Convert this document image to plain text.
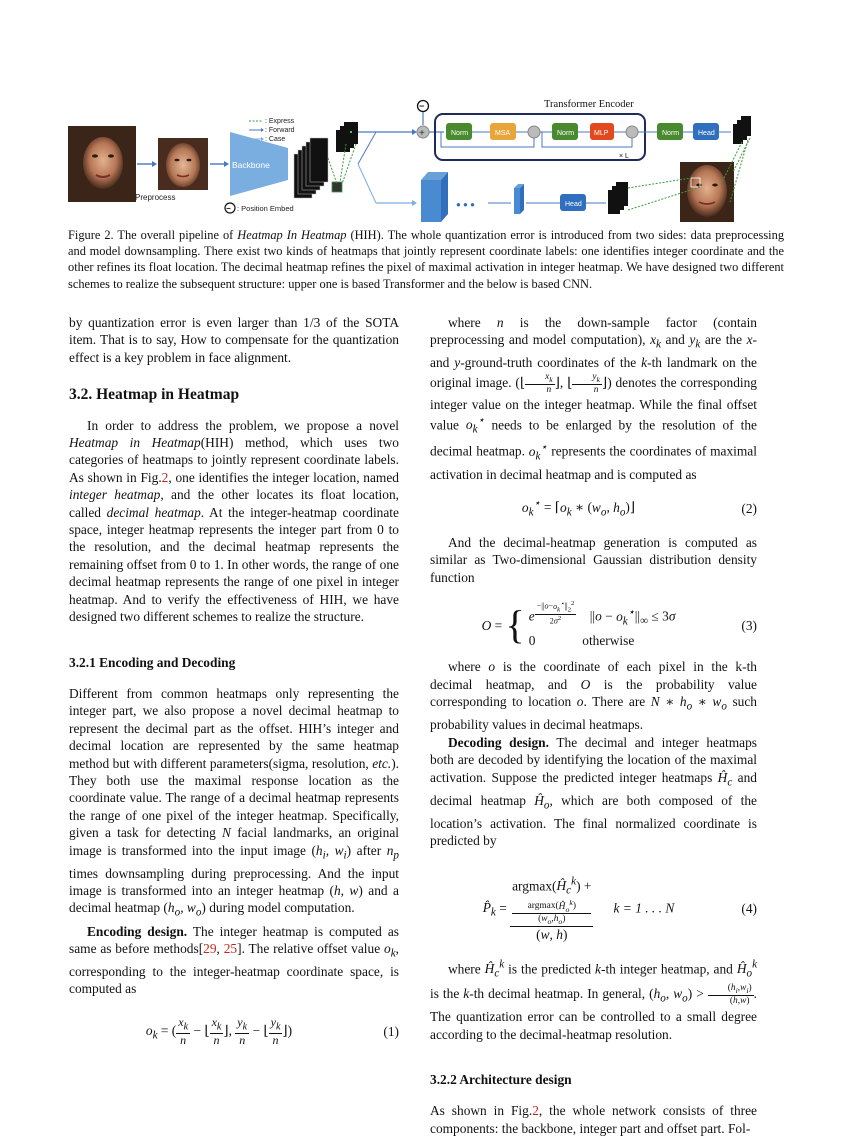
Preprocess
Backbone
: Express
: Forward
: Case
−
+
Transformer Encoder
Norm	MSA	Norm	MLP
× L
Norm	Head
● ● ●	Head
− : Position Embed
Figure 2. The overall pipeline of Heatmap In Heatmap (HIH). The whole quantization error is introduced from two sides: data preprocessing and model downsampling. There exist two kinds of heatmaps that jointly represent coordinate labels: one identifies integer coordinate and the other refines its float location. The decimal heatmap refines the pixel of maximal activation in integer heatmap. We have designed two different schemes to realize the subsequent structure: upper one is based Transformer and the below is based CNN.

by quantization error is even larger than 1/3 of the SOTA item. That is to say, How to compensate for the quantization effect is a key problem in face alignment.

3.2. Heatmap in Heatmap

In order to address the problem, we propose a novel Heatmap in Heatmap(HIH) method, which uses two categories of heatmaps to jointly represent coordinate labels. As shown in Fig.2, one identifies the integer location, named integer heatmap, and the other locates its float location, called decimal heatmap. At the integer-heatmap coordinate space, integer heatmap represents the integer part from 0 to the resolution, and the decimal heatmap represents the remaining offset from 0 to 1. In other words, the range of one decimal heatmap represents the range of one pixel in integer heatmap. And to verify the effectiveness of HIH, we have designed two different schemes to realize the structure.

3.2.1 Encoding and Decoding

Different from common heatmaps only representing the integer part, we also propose a novel decimal heatmap to represent the decimal part as the offset. HIH’s integer and decimal location are represented by the same heatmap method but with different parameters(sigma, resolution, etc.). They both use the maximal response location as the coordinate value. The range of a decimal heatmap represents the range of one pixel of the integer heatmap. Specifically, given a task for detecting N facial landmarks, an original image is transformed into the input image ($h_i$, $w_i$) after $n_p$ times downsampling during preprocessing. And the input image is transformed into an integer heatmap (h, w) and a decimal heatmap ($h_o$, $w_o$) during model computation.

Encoding design. The integer heatmap is computed as same as before methods[29, 25]. The relative offset value $o_k$, corresponding to the integer-heatmap coordinate space, is computed as

$o_k$ = ( $\frac{x_k}{n}$ − ⌊ $\frac{x_k}{n}$ ⌋, $\frac{y_k}{n}$ − ⌊ $\frac{y_k}{n}$ ⌋)	(1)

where n is the down-sample factor (contain preprocessing and model computation), $x_k$ and $y_k$ are the x- and y-ground-truth coordinates of the k-th landmark on the original image. (⌊ $\frac{x_k}{n}$ ⌋, ⌊ $\frac{y_k}{n}$ ⌋) denotes the corresponding integer value on the integer heatmap. While the final offset value $o_k^⋆$ needs to be enlarged by the resolution of the decimal heatmap. $o_k^⋆$ represents the coordinates of maximal activation in decimal heatmap and is computed as

$o_k^⋆$ = $⌈o_k$ ∗ ($w_o$, $h_o)⌋$	(2)

And the decimal-heatmap generation is computed as similar as Two-dimensional Gaussian distribution density function

O = { e $^{\frac{-||o-o_k^⋆||_2^2}{2\sigma^2}}$ $||o - o_k^⋆||_\infty \le 3\sigma$
0              otherwise
(3)

where o is the coordinate of each pixel in the k-th decimal heatmap, and O is the probability value corresponding to location o. There are N ∗ $h_o$ ∗ $w_o$ such probability values in decimal heatmaps.

Decoding design. The decimal and integer heatmaps both are decoded by identifying the location of the maximal activation. Suppose the predicted integer heatmaps $Ĥ_c$ and decimal heatmap $Ĥ_o$, which are both composed of the location’s activation. The final normalized coordinate is predicted by

$P̂_k$ = $argmax(Ĥ_c^k)$ +
$argmax(Ĥ_o^k)$
$(w_o,h_o)$
(w, h) k = 1 . . . N	(4)

where $Ĥ_c^k$ is the predicted k-th integer heatmap, and $Ĥ_o^k$ is the k-th decimal heatmap. In general, ($h_o$, $w_o) > \frac{(h_i,w_i)}{(h,w)}$ . The quantization error can be controlled to a small degree according to the decimal-heatmap resolution.

3.2.2 Architecture design

As shown in Fig.2, the whole network consists of three components: the backbone, integer part and offset part. Fol-
